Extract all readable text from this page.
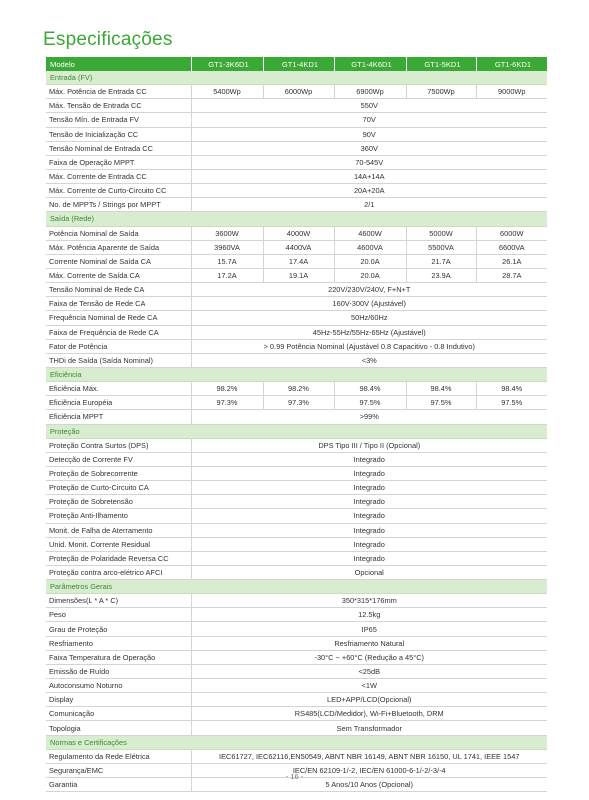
Especificações
Modelo	GT1-3K6D1	GT1-4KD1	GT1-4K6D1	GT1-5KD1	GT1-6KD1
Entrada (FV)					
Máx. Potência de Entrada CC	5400Wp	6000Wp	6900Wp	7500Wp	9000Wp
Máx. Tensão de Entrada CC	550V				
Tensão Mín. de Entrada FV	70V				
Tensão de Inicialização CC	90V				
Tensão Nominal de Entrada CC	360V				
Faixa de Operação MPPT	70-545V				
Máx. Corrente de Entrada CC	14A+14A				
Máx. Corrente de Curto-Circuito CC	20A+20A				
No. de MPPTs / Strings por MPPT	2/1				
Saída (Rede)					
Potência Nominal de Saída	3600W	4000W	4600W	5000W	6000W
Máx. Potência Aparente de Saída	3960VA	4400VA	4600VA	5500VA	6600VA
Corrente Nominal de Saída CA	15.7A	17.4A	20.0A	21.7A	26.1A
Máx. Corrente de Saída CA	17.2A	19.1A	20.0A	23.9A	28.7A
Tensão Nominal de Rede CA	220V/230V/240V, F+N+T				
Faixa de Tensão de Rede CA	160V-300V (Ajustável)				
Frequência Nominal de Rede CA	50Hz/60Hz				
Faixa de Frequência de Rede CA	45Hz-55Hz/55Hz-65Hz (Ajustável)				
Fator de Potência	> 0.99 Potência Nominal (Ajustável 0.8 Capacitivo - 0.8 Indutivo)				
THDi de Saída (Saída Nominal)	<3%				
Eficiência					
Eficiência Máx.	98.2%	98.2%	98.4%	98.4%	98.4%
Eficiência Européia	97.3%	97.3%	97.5%	97.5%	97.5%
Eficiência MPPT	>99%				
Proteção					
Proteção Contra Surtos (DPS)	DPS Tipo III / Tipo II (Opcional)				
Detecção de Corrente FV	Integrado				
Proteção de Sobrecorrente	Integrado				
Proteção de Curto-Circuito CA	Integrado				
Proteção de Sobretensão	Integrado				
Proteção Anti-Ilhamento	Integrado				
Monit. de Falha de Aterramento	Integrado				
Unid. Monit. Corrente Residual	Integrado				
Proteção de Polaridade Reversa CC	Integrado				
Proteção contra arco-elétrico AFCI	Opcional				
Parâmetros Gerais					
Dimensões(L * A * C)	350*315*176mm				
Peso	12.5kg				
Grau de Proteção	IP65				
Resfriamento	Resfriamento Natural				
Faixa Temperatura de Operação	-30°C ~ +60°C (Redução a 45°C)				
Emissão de Ruído	<25dB				
Autoconsumo Noturno	<1W				
Display	LED+APP/LCD(Opcional)				
Comunicação	RS485(LCD/Medidor), Wi-Fi+Bluetooth, DRM				
Topologia	Sem Transformador				
Normas e Certificações					
Regulamento da Rede Elétrica	IEC61727, IEC62116,EN50549, ABNT NBR 16149, ABNT NBR 16150, UL 1741, IEEE 1547				
Segurança/EMC	IEC/EN 62109-1/-2, IEC/EN 61000-6-1/-2/-3/-4				
Garantia	5 Anos/10 Anos (Opcional)				
- 16 -
